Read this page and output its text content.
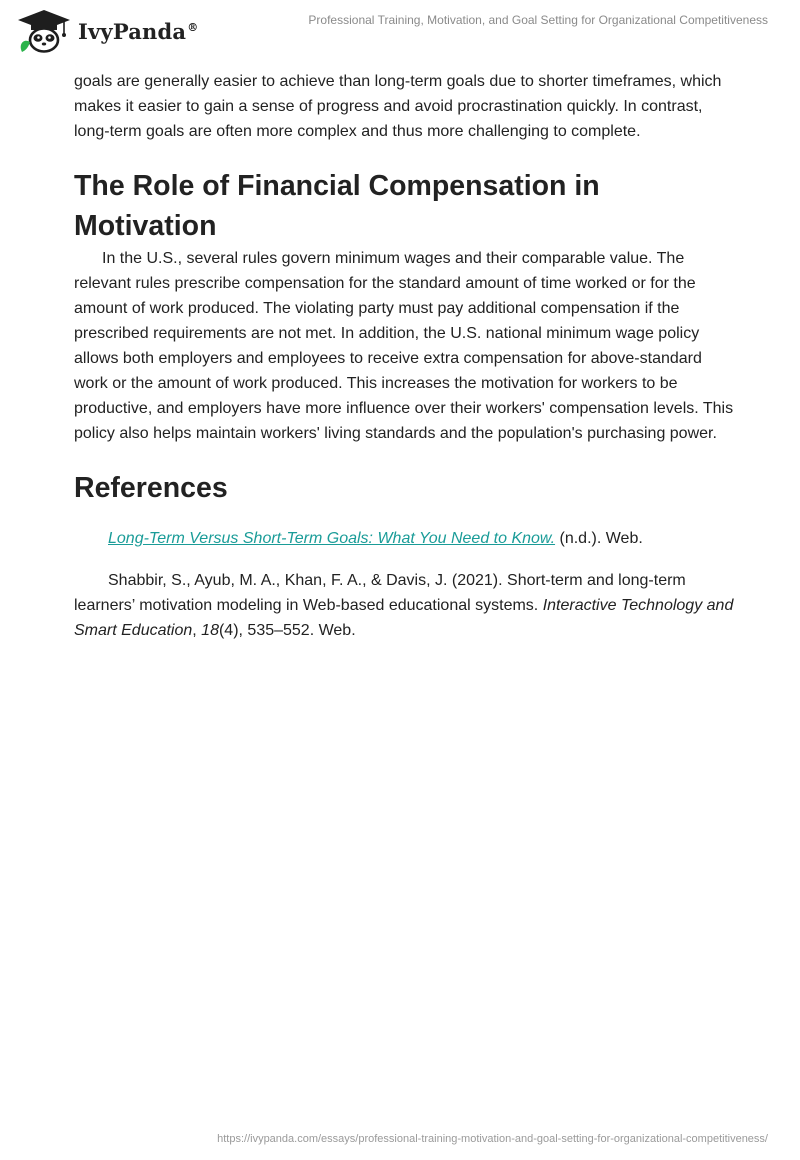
IvyPanda®	Professional Training, Motivation, and Goal Setting for Organizational Competitiveness

goals are generally easier to achieve than long-term goals due to shorter timeframes, which makes it easier to gain a sense of progress and avoid procrastination quickly. In contrast, long-term goals are often more complex and thus more challenging to complete.

The Role of Financial Compensation in Motivation

In the U.S., several rules govern minimum wages and their comparable value. The relevant rules prescribe compensation for the standard amount of time worked or for the amount of work produced. The violating party must pay additional compensation if the prescribed requirements are not met. In addition, the U.S. national minimum wage policy allows both employers and employees to receive extra compensation for above-standard work or the amount of work produced. This increases the motivation for workers to be productive, and employers have more influence over their workers' compensation levels. This policy also helps maintain workers' living standards and the population's purchasing power.

References

Long-Term Versus Short-Term Goals: What You Need to Know. (n.d.). Web.

Shabbir, S., Ayub, M. A., Khan, F. A., & Davis, J. (2021). Short-term and long-term learners’ motivation modeling in Web-based educational systems. Interactive Technology and Smart Education, 18(4), 535–552. Web.

https://ivypanda.com/essays/professional-training-motivation-and-goal-setting-for-organizational-competitiveness/
